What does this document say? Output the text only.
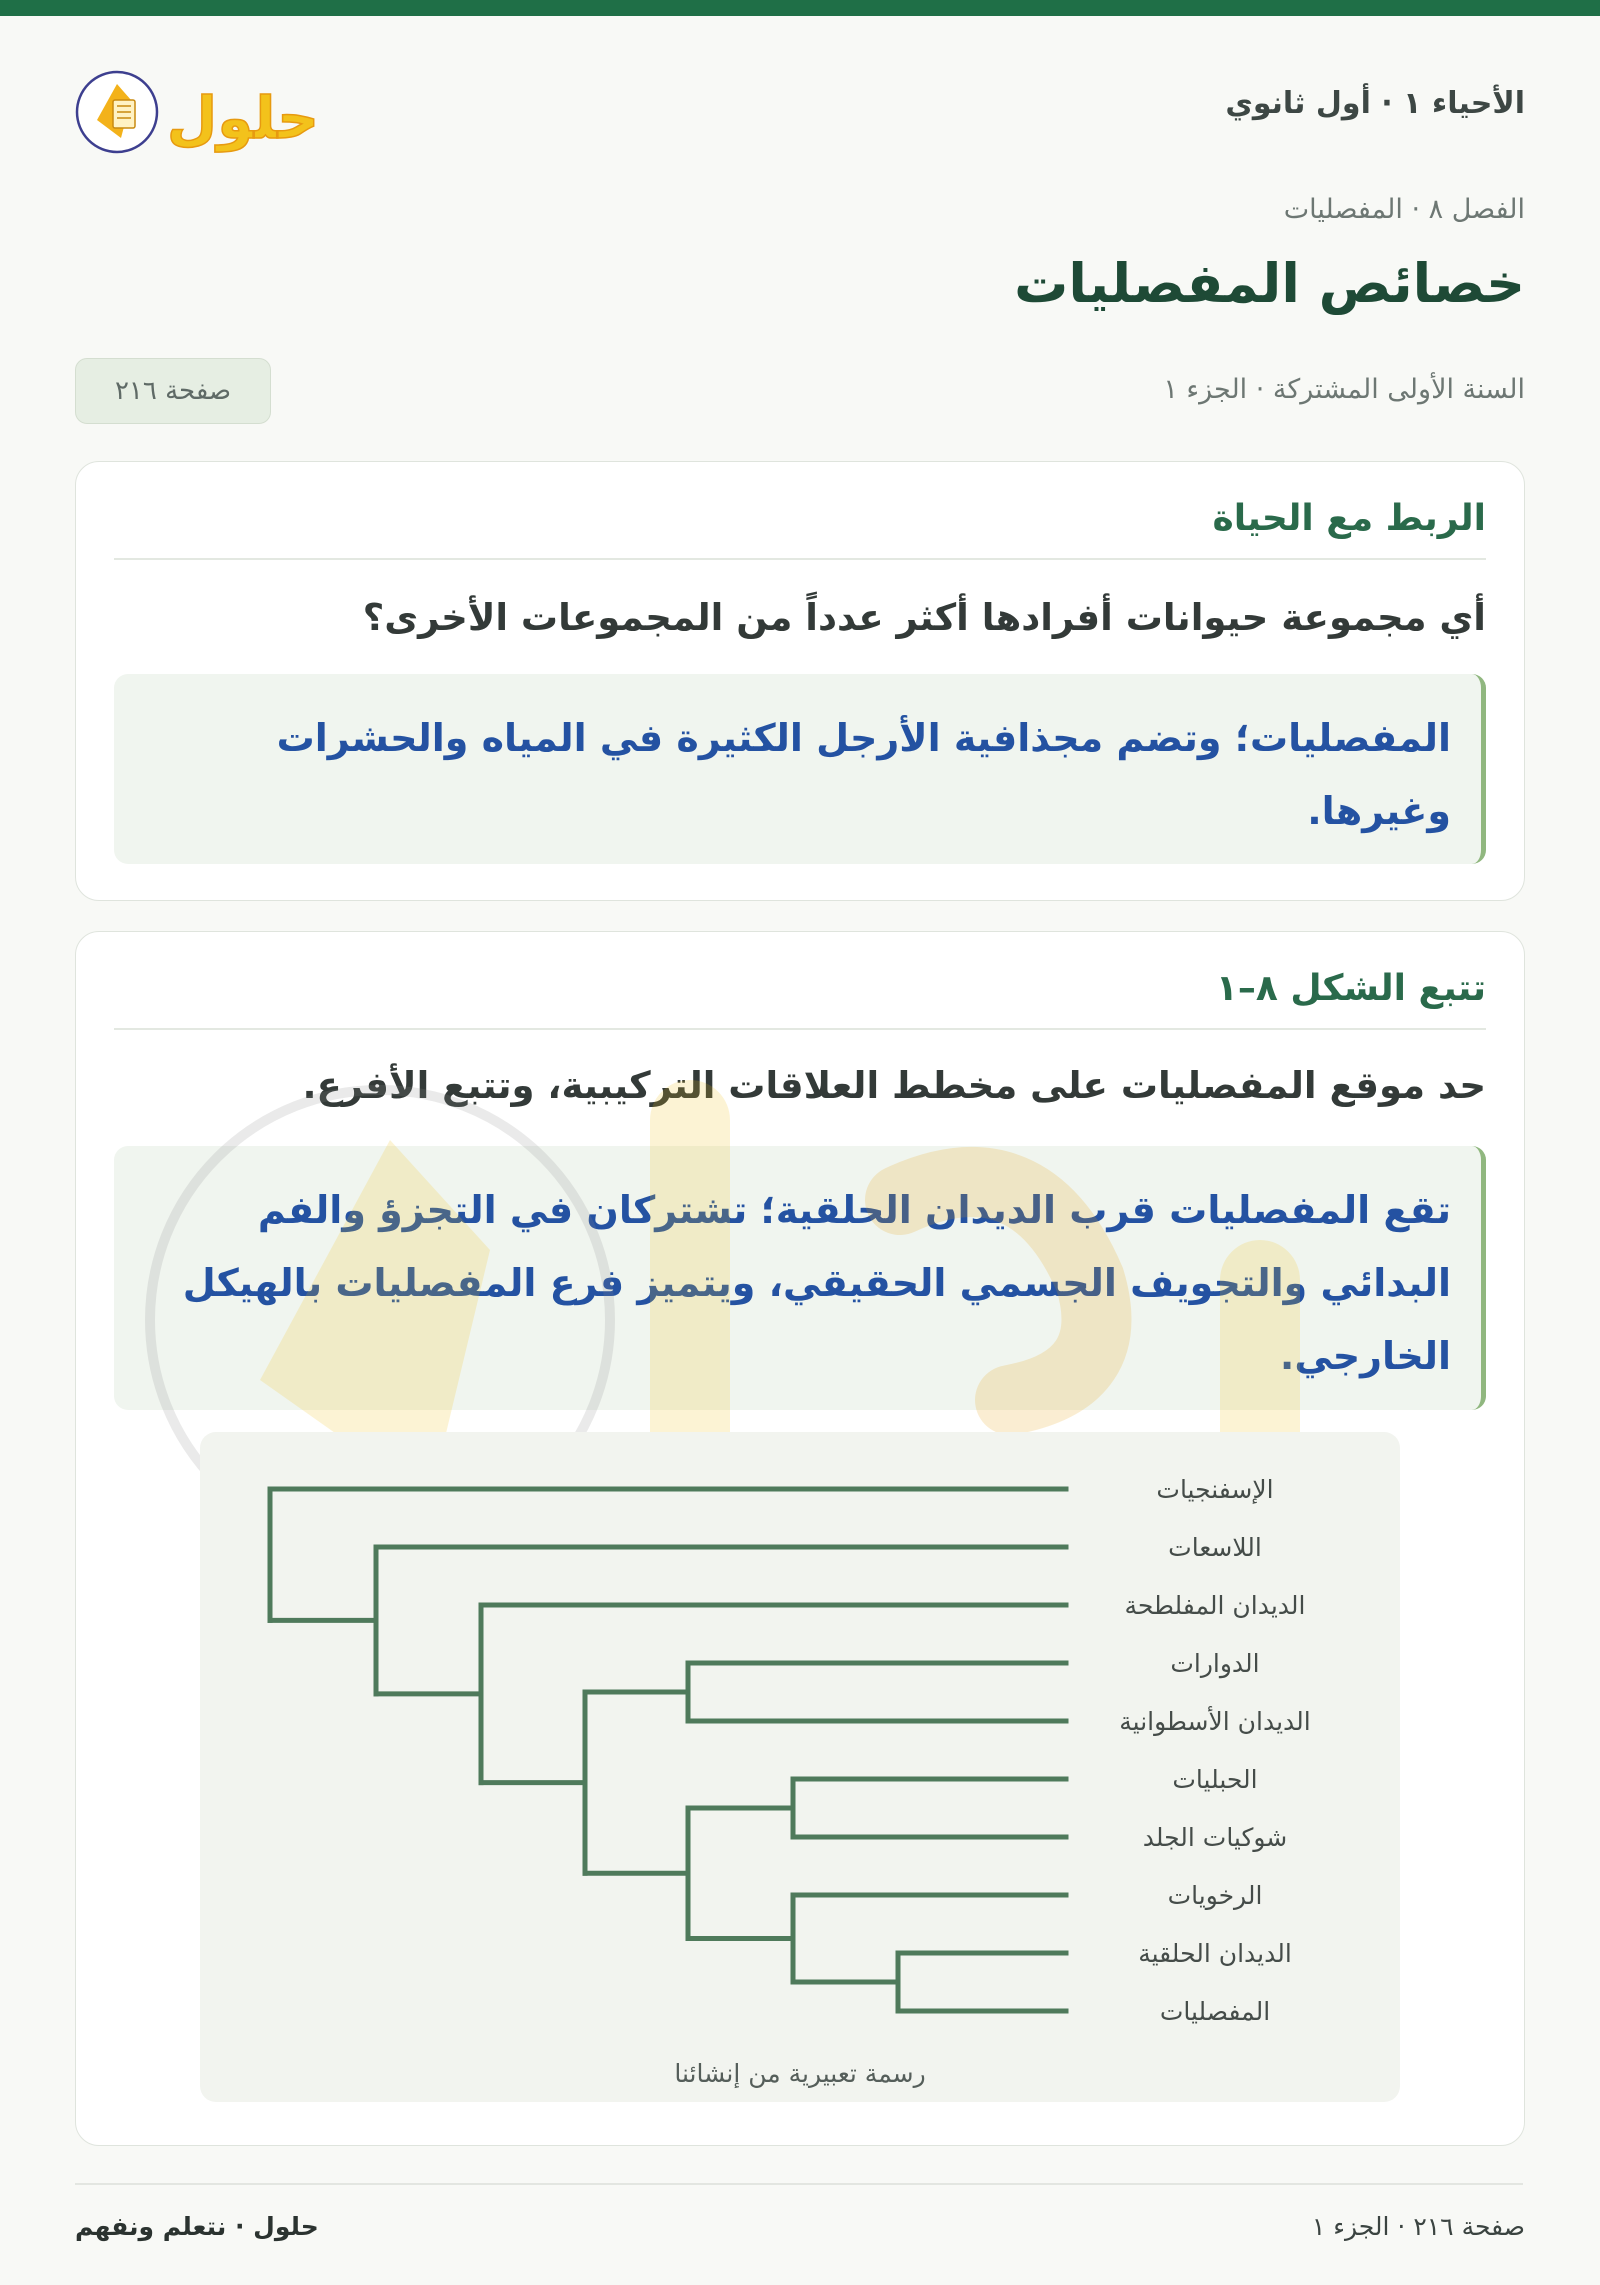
الأحياء ١ · أول ثانوي
حلول
الفصل ٨ · المفصليات
خصائص المفصليات
السنة الأولى المشتركة · الجزء ١
صفحة ٢١٦
الربط مع الحياة
أي مجموعة حيوانات أفرادها أكثر عدداً من المجموعات الأخرى؟
المفصليات؛ وتضم مجذافية الأرجل الكثيرة في المياه والحشرات
وغيرها.
تتبع الشكل ٨–١
حد موقع المفصليات على مخطط العلاقات التركيبية، وتتبع الأفرع.
تقع المفصليات قرب الديدان الحلقية؛ تشتركان في التجزؤ والفم
البدائي والتجويف الجسمي الحقيقي، ويتميز فرع المفصليات بالهيكل
الخارجي.
الإسفنجيات
اللاسعات
الديدان المفلطحة
الدوارات
الديدان الأسطوانية
الحبليات
شوكيات الجلد
الرخويات
الديدان الحلقية
المفصليات
رسمة تعبيرية من إنشائنا
صفحة ٢١٦ · الجزء ١
حلول · نتعلم ونفهم
